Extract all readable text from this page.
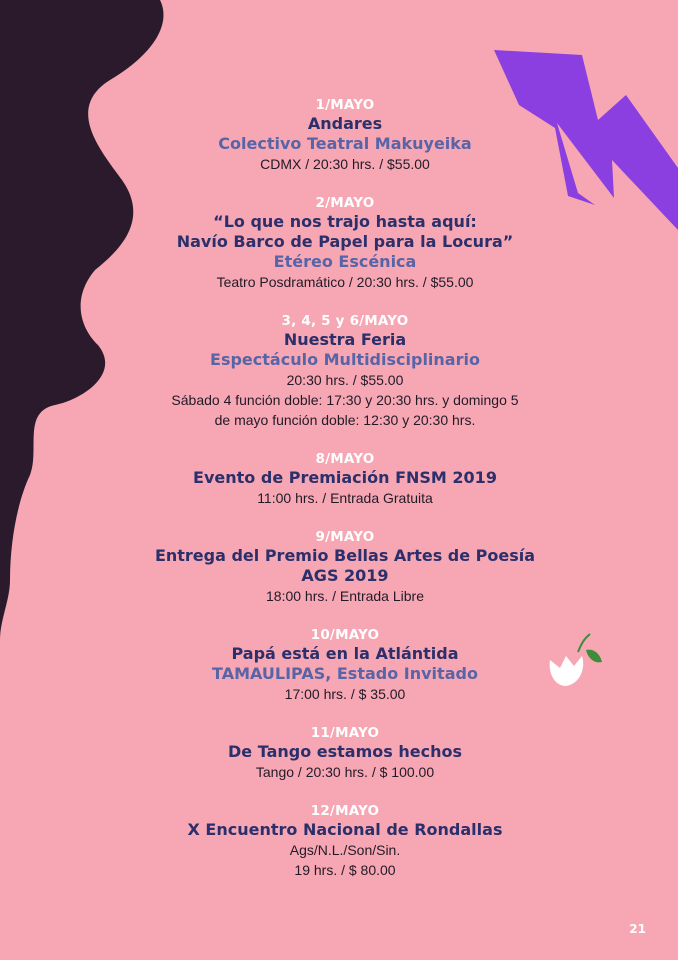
1/MAYO
Andares
Colectivo Teatral Makuyeika
CDMX / 20:30 hrs. / $55.00
2/MAYO
“Lo que nos trajo hasta aquí:
Navío Barco de Papel para la Locura”
Etéreo Escénica
Teatro Posdramático / 20:30 hrs. / $55.00
3, 4, 5 y 6/MAYO
Nuestra Feria
Espectáculo Multidisciplinario
20:30 hrs. / $55.00
Sábado 4 función doble: 17:30 y 20:30 hrs. y domingo 5
de mayo función doble: 12:30 y 20:30 hrs.
8/MAYO
Evento de Premiación FNSM 2019
11:00 hrs. / Entrada Gratuita
9/MAYO
Entrega del Premio Bellas Artes de Poesía
AGS 2019
18:00 hrs. / Entrada Libre
10/MAYO
Papá está en la Atlántida
TAMAULIPAS, Estado Invitado
17:00 hrs. / $ 35.00
11/MAYO
De Tango estamos hechos
Tango / 20:30 hrs. / $ 100.00
12/MAYO
X Encuentro Nacional de Rondallas
Ags/N.L./Son/Sin.
19 hrs. / $ 80.00
21
